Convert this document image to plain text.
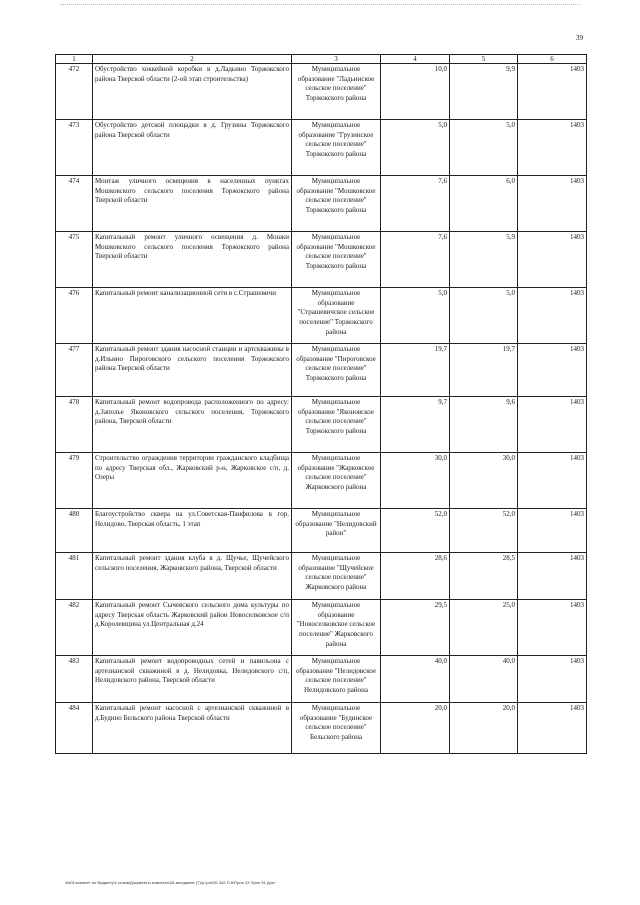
39
1	2	3	4	5	6
472	Обустройство хоккейной коробки в д.Ладьино Торжокского района Тверской области (2-ой этап строительства)	Муниципальное образование "Ладьинское сельское поселение" Торжокского района	10,0	9,9	1403
473	Обустройство детской площадки в д. Грузины Торжокского района Тверской области	Муниципальное образование "Грузинское сельское поселение" Торжокского района	5,0	5,0	1403
474	Монтаж уличного освещения в населенных пунктах Мошковского сельского поселения Торжокского района Тверской области	Муниципальное образование "Мошковское сельское поселение" Торжокского района	7,6	6,0	1403
475	Капитальный ремонт уличного освещения д. Мошки Мошковского сельского поселения Торжокского района Тверской области	Муниципальное образование "Мошковское сельское поселение" Торжокского района	7,6	5,9	1403
476	Капитальный ремонт канализационной сети в с.Страшевичи	Муниципальное образование "Страшевичское сельское поселение" Торжокского района	5,0	5,0	1403
477	Капитальный ремонт здания насосной станции и артскважины в д.Ильино Пироговского сельского поселения Торжокского района Тверской области	Муниципальное образование "Пироговское сельское поселение" Торжокского района	19,7	19,7	1403
478	Капитальный ремонт водопровода расположенного по адресу: д.Заполье Яконовского сельского поселения, Торжокского района, Тверской области	Муниципальное образование "Яконовское сельское поселение" Торжокского района	9,7	9,6	1403
479	Строительство ограждения территории гражданского кладбища по адресу Тверская обл., Жарковский р-н, Жарковское с/п, д. Озеры	Муниципальное образование "Жарковское сельское поселение" Жарковского района	30,0	30,0	1403
480	Благоустройство сквера на ул.Советская-Панфилова в гор. Нелидово, Тверская область, 1 этап	Муниципальное образование "Нелидовский район"	52,0	52,0	1403
481	Капитальный ремонт здания клуба в д. Щучье, Щучейского сельского поселения, Жарковского района, Тверской области	Муниципальное образование "Щучейское сельское поселение" Жарковского района	28,6	28,5	1403
482	Капитальный ремонт Сычевского сельского дома культуры по адресу Тверская область Жарковский район Новоселковское с/п д.Королевщина ул.Центральная д.24	Муниципальное образование "Новоселковское сельское поселение" Жарковского района	29,5	25,0	1403
483	Капитальный ремонт водопроводных сетей и павильона с артезианской скважиной в д. Нелидовка, Нелидовского с/п, Нелидовского района, Тверской области	Муниципальное образование "Нелидовское сельское поселение" Нелидовского района	40,0	40,0	1403
484	Капитальный ремонт насосной с артезианской скважиной в д.Будино Бельского района Тверской области	Муниципальное образование "Будинское сельское поселение" Бельского района	20,0	20,0	1403
\\fs01\комитет по бюджету\4 созыв\Документы комитета\28 заседание (7)\р-\рп\28\ 342-П-6\Прил 33 Прил 51 Док+
